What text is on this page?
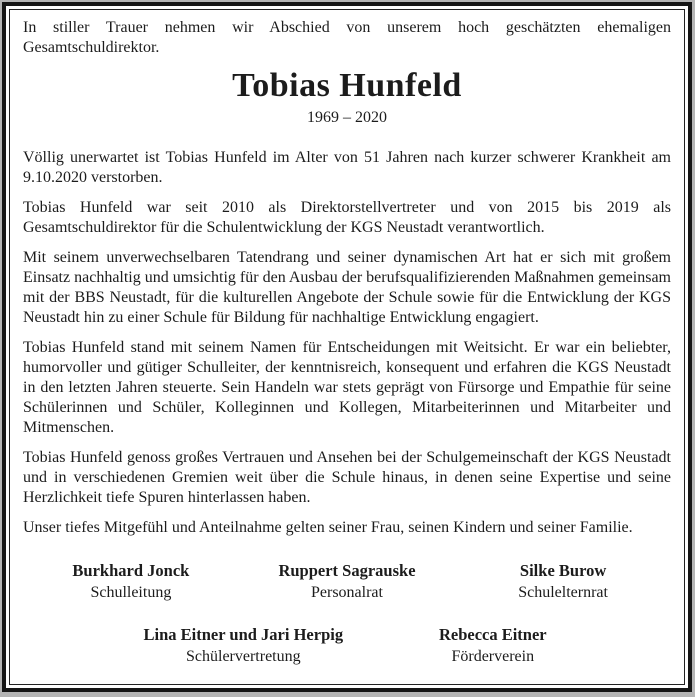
In stiller Trauer nehmen wir Abschied von unserem hoch geschätzten ehemaligen Gesamtschuldirektor.

Tobias Hunfeld
1969 – 2020

Völlig unerwartet ist Tobias Hunfeld im Alter von 51 Jahren nach kurzer schwerer Krankheit am 9.10.2020 verstorben.

Tobias Hunfeld war seit 2010 als Direktorstellvertreter und von 2015 bis 2019 als Gesamtschuldirektor für die Schulentwicklung der KGS Neustadt verantwortlich.

Mit seinem unverwechselbaren Tatendrang und seiner dynamischen Art hat er sich mit großem Einsatz nachhaltig und umsichtig für den Ausbau der berufsqualifizierenden Maßnahmen gemeinsam mit der BBS Neustadt, für die kulturellen Angebote der Schule sowie für die Entwicklung der KGS Neustadt hin zu einer Schule für Bildung für nachhaltige Entwicklung engagiert.

Tobias Hunfeld stand mit seinem Namen für Entscheidungen mit Weitsicht. Er war ein beliebter, humorvoller und gütiger Schulleiter, der kenntnisreich, konsequent und erfahren die KGS Neustadt in den letzten Jahren steuerte. Sein Handeln war stets geprägt von Fürsorge und Empathie für seine Schülerinnen und Schüler, Kolleginnen und Kollegen, Mitarbeiterinnen und Mitarbeiter und Mitmenschen.

Tobias Hunfeld genoss großes Vertrauen und Ansehen bei der Schulgemeinschaft der KGS Neustadt und in verschiedenen Gremien weit über die Schule hinaus, in denen seine Expertise und seine Herzlichkeit tiefe Spuren hinterlassen haben.

Unser tiefes Mitgefühl und Anteilnahme gelten seiner Frau, seinen Kindern und seiner Familie.

Burkhard Jonck
Schulleitung
Ruppert Sagrauske
Personalrat
Silke Burow
Schulelternrat
Lina Eitner und Jari Herpig
Schülervertretung
Rebecca Eitner
Förderverein
